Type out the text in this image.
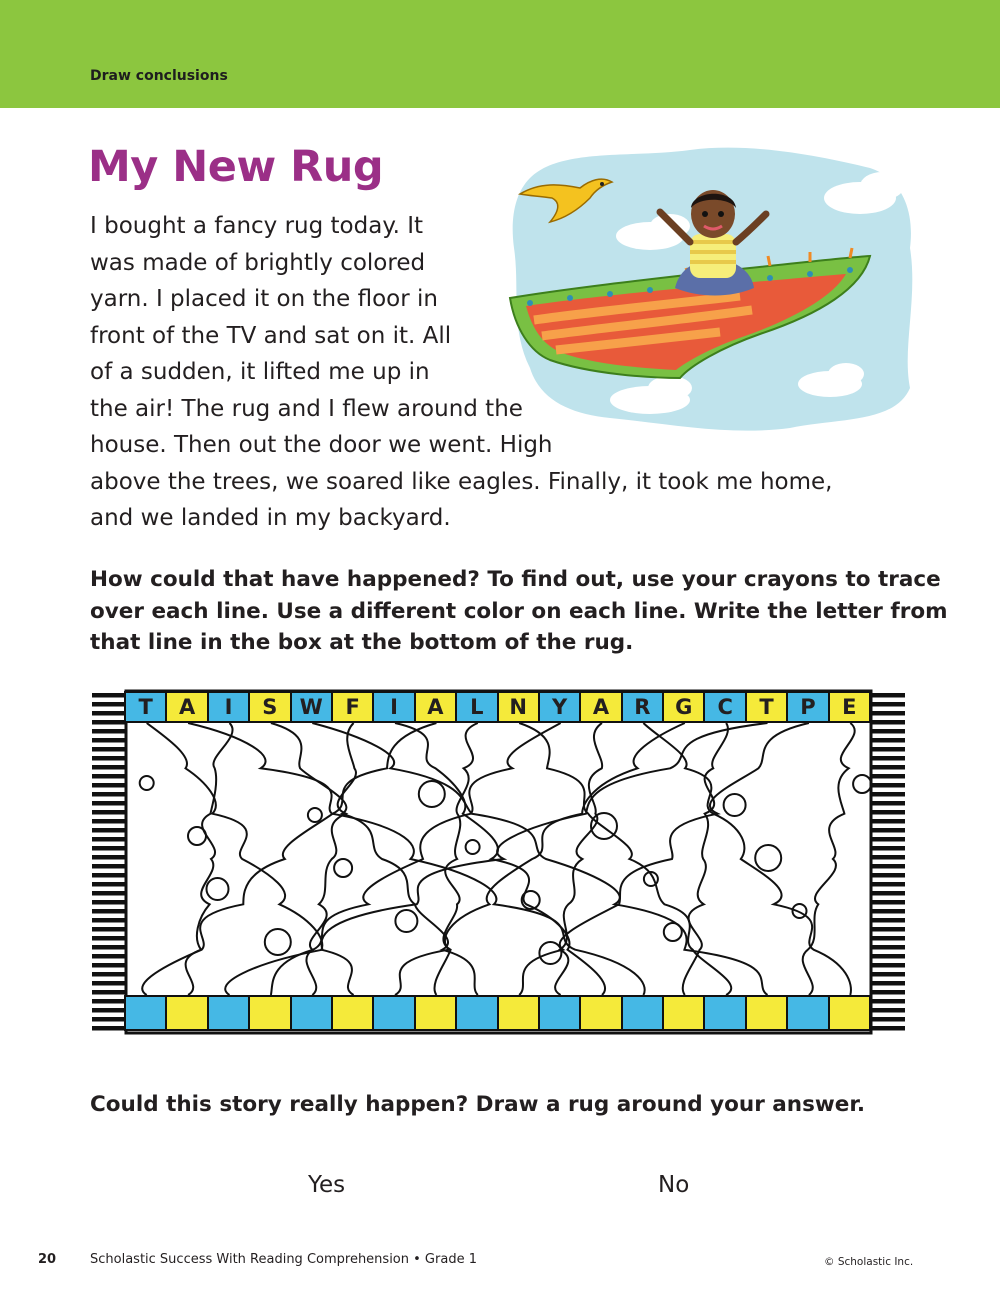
Draw conclusions
My New Rug
I bought a fancy rug today. It
was made of brightly colored
yarn. I placed it on the floor in
front of the TV and sat on it. All
of a sudden, it lifted me up in
the air! The rug and I flew around the
house. Then out the door we went. High
above the trees, we soared like eagles. Finally, it took me home,
and we landed in my backyard.
How could that have happened? To find out, use your crayons to trace
over each line. Use a different color on each line. Write the letter from
that line in the box at the bottom of the rug.
T	A	I	S	W	F	I	A	L	N	Y	A	R	G	C	T	P	E
Could this story really happen? Draw a rug around your answer.
Yes	No
20	Scholastic Success With Reading Comprehension • Grade 1	© Scholastic Inc.
